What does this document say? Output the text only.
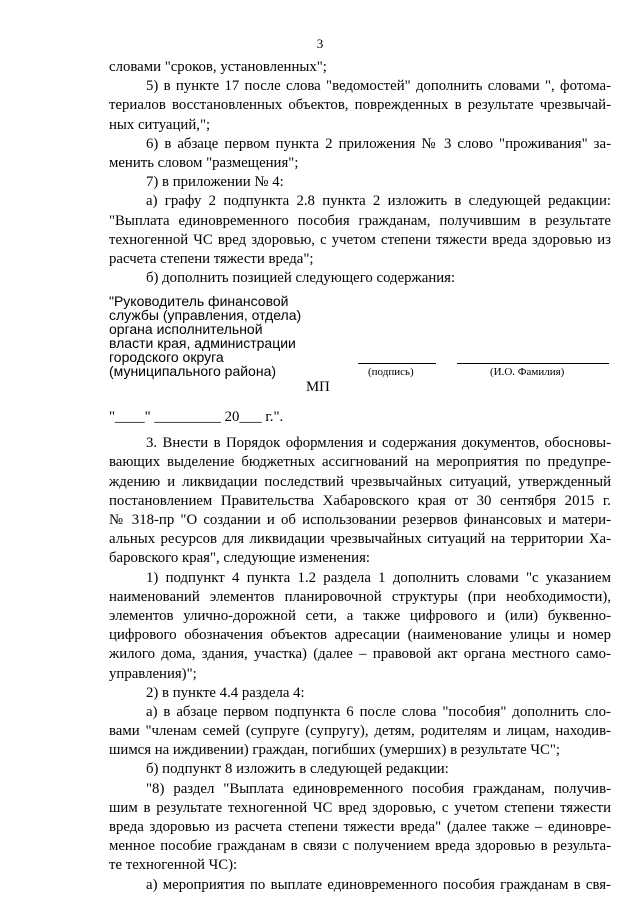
3
словами "сроков, установленных";
5) в пункте 17 после слова "ведомостей" дополнить словами ", фотома-
териалов восстановленных объектов, поврежденных в результате чрезвычай-
ных ситуаций,";
6) в абзаце первом пункта 2 приложения № 3 слово "проживания" за-
менить словом "размещения";
7) в приложении № 4:
а) графу 2 подпункта 2.8 пункта 2 изложить в следующей редакции:
"Выплата единовременного пособия гражданам, получившим в результате
техногенной ЧС вред здоровью, с учетом степени тяжести вреда здоровью из
расчета степени тяжести вреда";
б) дополнить позицией следующего содержания:
"Руководитель финансовой
службы (управления, отдела)
органа исполнительной
власти края, администрации
городского округа
(муниципального района)	(подпись)	(И.О. Фамилия)
МП
"____" _________ 20___ г.".
3. Внести в Порядок оформления и содержания документов, обосновы-
вающих выделение бюджетных ассигнований на мероприятия по предупре-
ждению и ликвидации последствий чрезвычайных ситуаций, утвержденный
постановлением Правительства Хабаровского края от 30 сентября 2015 г.
№ 318-пр "О создании и об использовании резервов финансовых и матери-
альных ресурсов для ликвидации чрезвычайных ситуаций на территории Ха-
баровского края", следующие изменения:
1) подпункт 4 пункта 1.2 раздела 1 дополнить словами "с указанием
наименований элементов планировочной структуры (при необходимости),
элементов улично-дорожной сети, а также цифрового и (или) буквенно-
цифрового обозначения объектов адресации (наименование улицы и номер
жилого дома, здания, участка) (далее – правовой акт органа местного само-
управления)";
2) в пункте 4.4 раздела 4:
а) в абзаце первом подпункта 6 после слова "пособия" дополнить сло-
вами "членам семей (супруге (супругу), детям, родителям и лицам, находив-
шимся на иждивении) граждан, погибших (умерших) в результате ЧС";
б) подпункт 8 изложить в следующей редакции:
"8) раздел "Выплата единовременного пособия гражданам, получив-
шим в результате техногенной ЧС вред здоровью, с учетом степени тяжести
вреда здоровью из расчета степени тяжести вреда" (далее также – единовре-
менное пособие гражданам в связи с получением вреда здоровью в результа-
те техногенной ЧС):
а) мероприятия по выплате единовременного пособия гражданам в свя-
